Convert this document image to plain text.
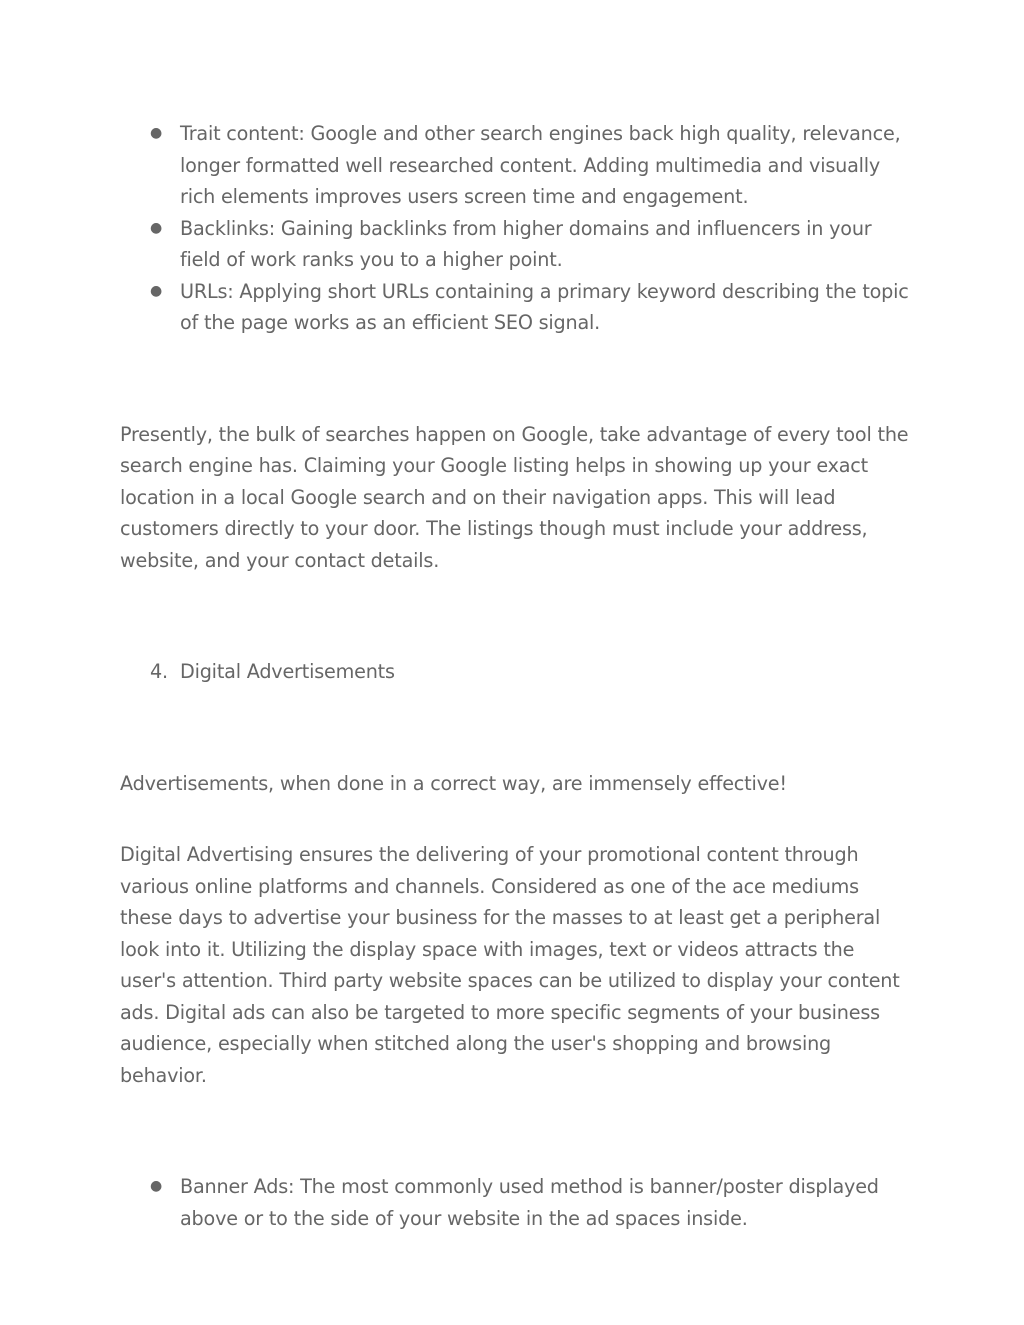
● Trait content: Google and other search engines back high quality, relevance, longer formatted well researched content. Adding multimedia and visually rich elements improves users screen time and engagement.
● Backlinks: Gaining backlinks from higher domains and influencers in your field of work ranks you to a higher point.
● URLs: Applying short URLs containing a primary keyword describing the topic of the page works as an efficient SEO signal.

Presently, the bulk of searches happen on Google, take advantage of every tool the search engine has. Claiming your Google listing helps in showing up your exact location in a local Google search and on their navigation apps. This will lead customers directly to your door. The listings though must include your address, website, and your contact details.

4. Digital Advertisements

Advertisements, when done in a correct way, are immensely effective!

Digital Advertising ensures the delivering of your promotional content through various online platforms and channels. Considered as one of the ace mediums these days to advertise your business for the masses to at least get a peripheral look into it. Utilizing the display space with images, text or videos attracts the user's attention. Third party website spaces can be utilized to display your content ads. Digital ads can also be targeted to more specific segments of your business audience, especially when stitched along the user's shopping and browsing behavior.

● Banner Ads: The most commonly used method is banner/poster displayed above or to the side of your website in the ad spaces inside.
